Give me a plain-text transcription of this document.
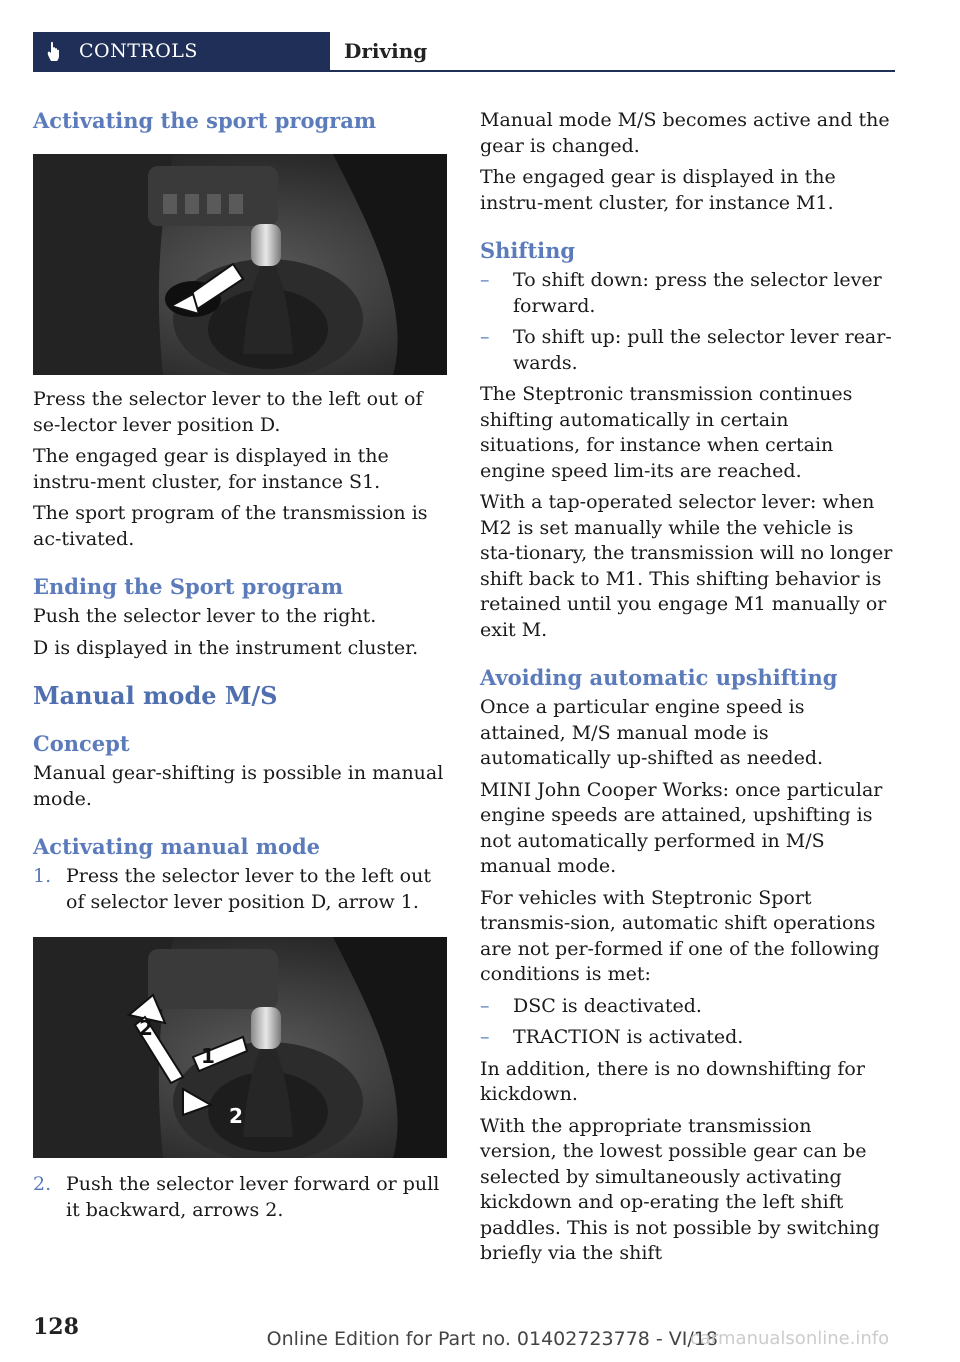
CONTROLS	Driving
Activating the sport program

Press the selector lever to the left out of se-lector lever position D.

The engaged gear is displayed in the instru-ment cluster, for instance S1.

The sport program of the transmission is ac-tivated.

Ending the Sport program

Push the selector lever to the right.

D is displayed in the instrument cluster.

Manual mode M/S
Concept

Manual gear-shifting is possible in manual mode.

Activating manual mode
1. Press the selector lever to the left out of selector lever position D, arrow 1.
1
2
2
2. Push the selector lever forward or pull it backward, arrows 2.

Manual mode M/S becomes active and the gear is changed.

The engaged gear is displayed in the instru-ment cluster, for instance M1.

Shifting
–	To shift down: press the selector lever forward.
–	To shift up: pull the selector lever rear-wards.

The Steptronic transmission continues shifting automatically in certain situations, for instance when certain engine speed lim-its are reached.

With a tap-operated selector lever: when M2 is set manually while the vehicle is sta-tionary, the transmission will no longer shift back to M1. This shifting behavior is retained until you engage M1 manually or exit M.

Avoiding automatic upshifting

Once a particular engine speed is attained, M/S manual mode is automatically up-shifted as needed.

MINI John Cooper Works: once particular engine speeds are attained, upshifting is not automatically performed in M/S manual mode.

For vehicles with Steptronic Sport transmis-sion, automatic shift operations are not per-formed if one of the following conditions is met:

–	DSC is deactivated.
–	TRACTION is activated.

In addition, there is no downshifting for kickdown.

With the appropriate transmission version, the lowest possible gear can be selected by simultaneously activating kickdown and op-erating the left shift paddles. This is not possible by switching briefly via the shift

128	Online Edition for Part no. 01402723778 - VI/18
carmanualsonline.info
